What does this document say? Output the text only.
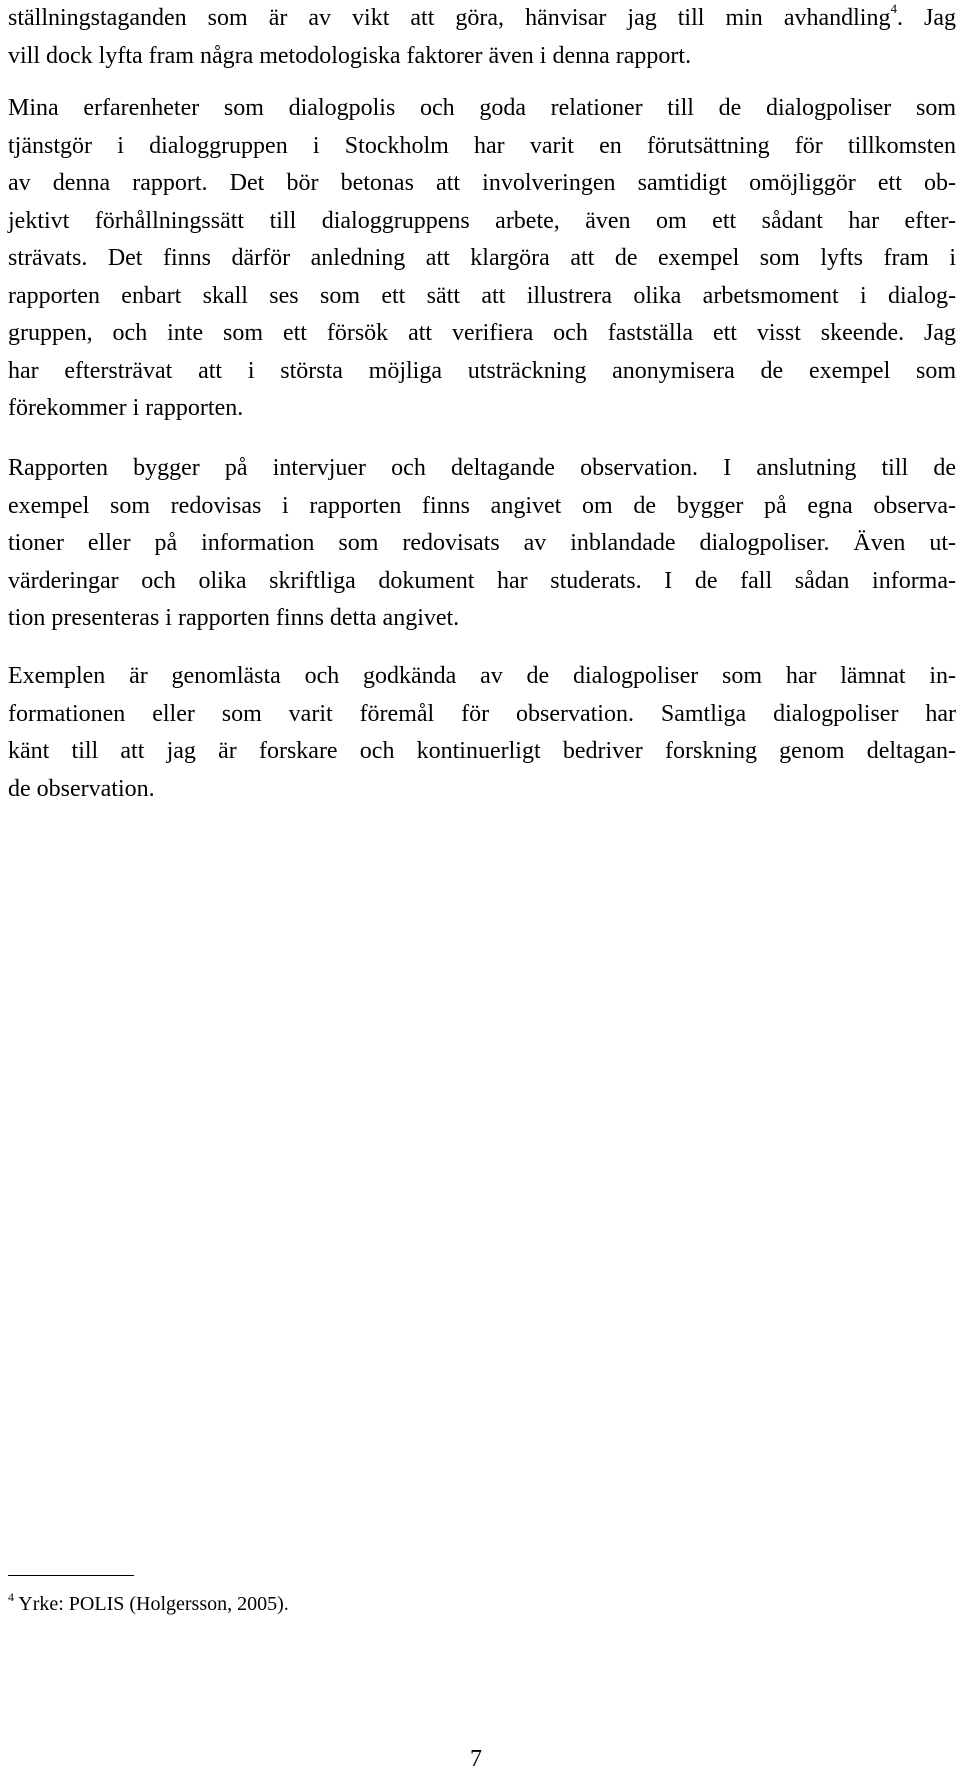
ställningstaganden som är av vikt att göra, hänvisar jag till min avhandling$^4$. Jag
vill dock lyfta fram några metodologiska faktorer även i denna rapport.
Mina erfarenheter som dialogpolis och goda relationer till de dialogpoliser som
tjänstgör i dialoggruppen i Stockholm har varit en förutsättning för tillkomsten
av denna rapport. Det bör betonas att involveringen samtidigt omöjliggör ett ob-
jektivt förhållningssätt till dialoggruppens arbete, även om ett sådant har efter-
strävats. Det finns därför anledning att klargöra att de exempel som lyfts fram i
rapporten enbart skall ses som ett sätt att illustrera olika arbetsmoment i dialog-
gruppen, och inte som ett försök att verifiera och fastställa ett visst skeende. Jag
har eftersträvat att i största möjliga utsträckning anonymisera de exempel som
förekommer i rapporten.
Rapporten bygger på intervjuer och deltagande observation. I anslutning till de
exempel som redovisas i rapporten finns angivet om de bygger på egna observa-
tioner eller på information som redovisats av inblandade dialogpoliser. Även ut-
värderingar och olika skriftliga dokument har studerats. I de fall sådan informa-
tion presenteras i rapporten finns detta angivet.
Exemplen är genomlästa och godkända av de dialogpoliser som har lämnat in-
formationen eller som varit föremål för observation. Samtliga dialogpoliser har
känt till att jag är forskare och kontinuerligt bedriver forskning genom deltagan-
de observation.
$^4$ Yrke: POLIS (Holgersson, 2005).
7
